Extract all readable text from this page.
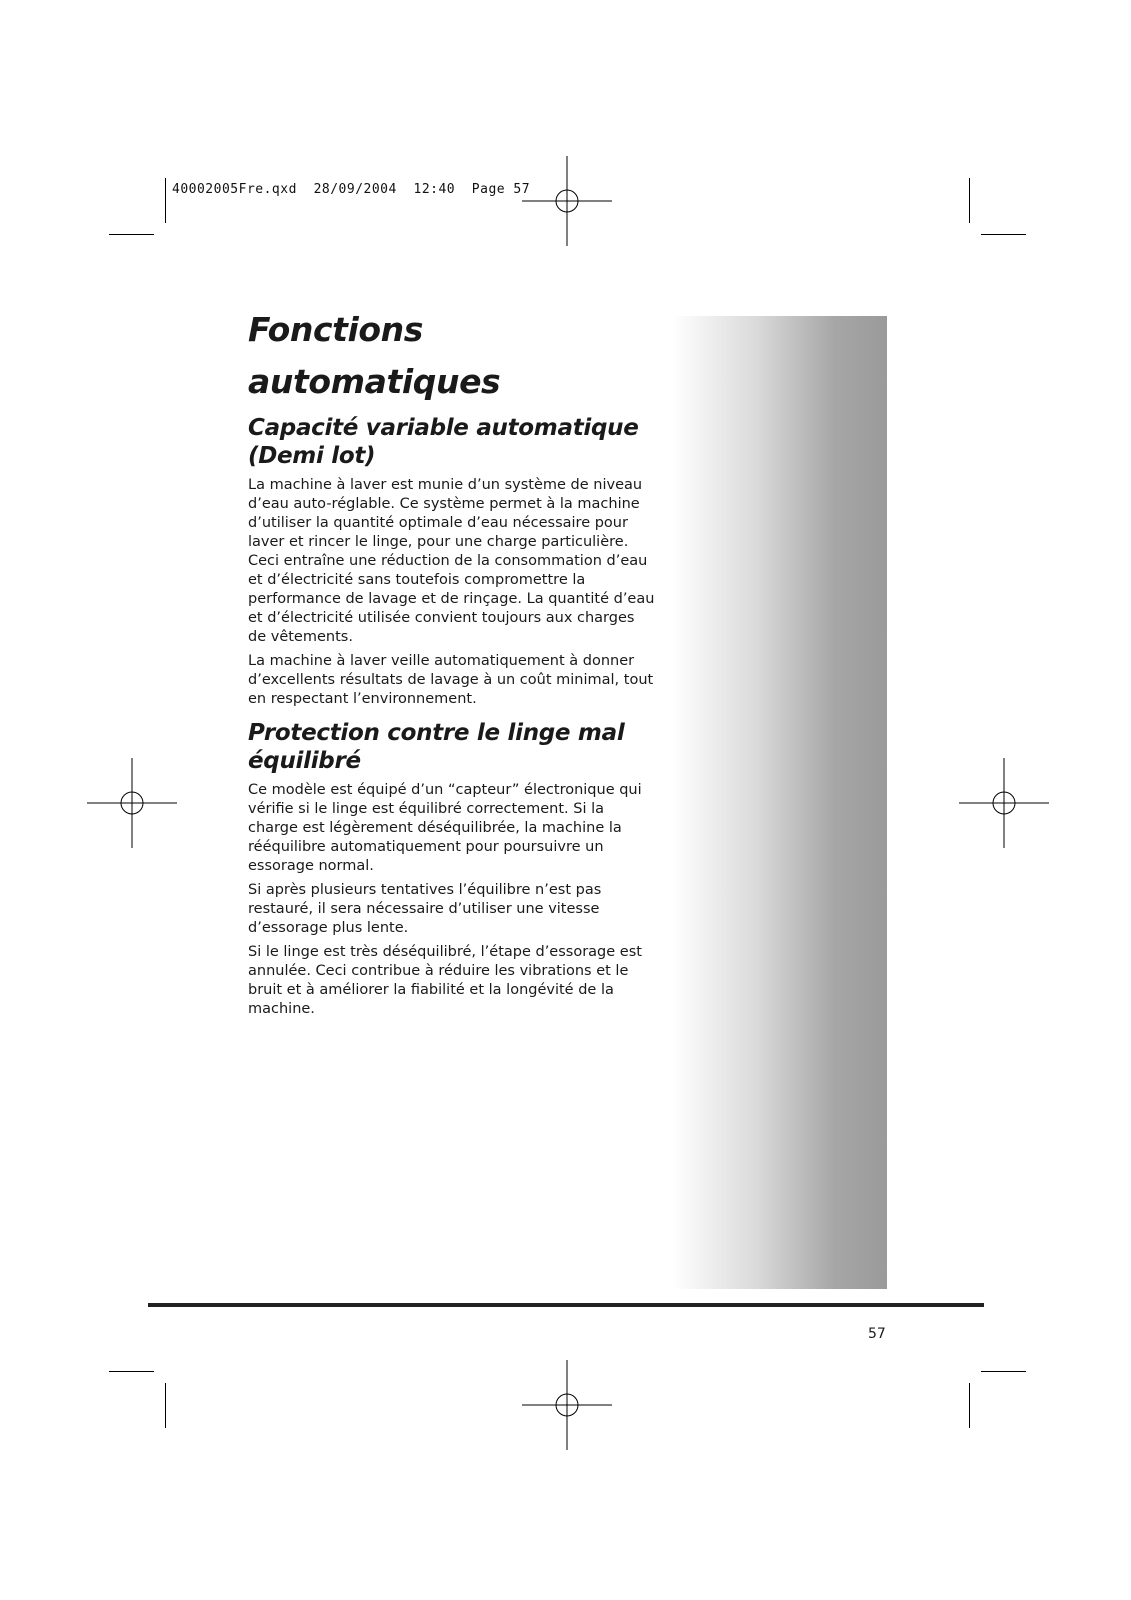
40002005Fre.qxd 28/09/2004 12:40 Page 57
Fonctions automatiques
Capacité variable automatique (Demi lot)

La machine à laver est munie d’un système de niveau d’eau auto-réglable. Ce système permet à la machine d’utiliser la quantité optimale d’eau nécessaire pour laver et rincer le linge, pour une charge particulière. Ceci entraîne une réduction de la consommation d’eau et d’électricité sans toutefois compromettre la performance de lavage et de rinçage. La quantité d’eau et d’électricité utilisée convient toujours aux charges de vêtements.

La machine à laver veille automatiquement à donner d’excellents résultats de lavage à un coût minimal, tout en respectant l’environnement.

Protection contre le linge mal équilibré

Ce modèle est équipé d’un “capteur” électronique qui vérifie si le linge est équilibré correctement. Si la charge est légèrement déséquilibrée, la machine la rééquilibre automatiquement pour poursuivre un essorage normal.

Si après plusieurs tentatives l’équilibre n’est pas restauré, il sera nécessaire d’utiliser une vitesse d’essorage plus lente.

Si le linge est très déséquilibré, l’étape d’essorage est annulée. Ceci contribue à réduire les vibrations et le bruit et à améliorer la fiabilité et la longévité de la machine.

57
